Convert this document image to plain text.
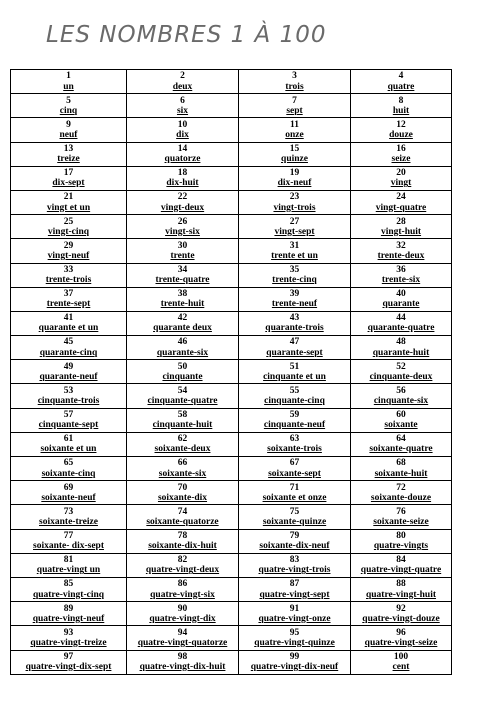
LES NOMBRES 1 À 100
1
un	2
deux	3
trois	4
quatre

5
cinq	6
six	7
sept	8
huit

9
neuf	10
dix	11
onze	12
douze

13
treize	14
quatorze	15
quinze	16
seize

17
dix-sept	18
dix-huit	19
dix-neuf	20
vingt

21
vingt et un	22
vingt-deux	23
vingt-trois	24
vingt-quatre

25
vingt-cinq	26
vingt-six	27
vingt-sept	28
vingt-huit

29
vingt-neuf	30
trente	31
trente et un	32
trente-deux

33
trente-trois	34
trente-quatre	35
trente-cinq	36
trente-six

37
trente-sept	38
trente-huit	39
trente-neuf	40
quarante

41
quarante et un	42
quarante deux	43
quarante-trois	44
quarante-quatre

45
quarante-cinq	46
quarante-six	47
quarante-sept	48
quarante-huit

49
quarante-neuf	50
cinquante	51
cinquante et un	52
cinquante-deux

53
cinquante-trois	54
cinquante-quatre	55
cinquante-cinq	56
cinquante-six

57
cinquante-sept	58
cinquante-huit	59
cinquante-neuf	60
soixante

61
soixante et un	62
soixante-deux	63
soixante-trois	64
soixante-quatre

65
soixante-cinq	66
soixante-six	67
soixante-sept	68
soixante-huit

69
soixante-neuf	70
soixante-dix	71
soixante et onze	72
soixante-douze

73
soixante-treize	74
soixante-quatorze	75
soixante-quinze	76
soixante-seize

77
soixante- dix-sept	78
soixante-dix-huit	79
soixante-dix-neuf	80
quatre-vingts

81
quatre-vingt un	82
quatre-vingt-deux	83
quatre-vingt-trois	84
quatre-vingt-quatre

85
quatre-vingt-cinq	86
quatre-vingt-six	87
quatre-vingt-sept	88
quatre-vingt-huit

89
quatre-vingt-neuf	90
quatre-vingt-dix	91
quatre-vingt-onze	92
quatre-vingt-douze

93
quatre-vingt-treize	94
quatre-vingt-quatorze	95
quatre-vingt-quinze	96
quatre-vingt-seize

97
quatre-vingt-dix-sept	98
quatre-vingt-dix-huit	99
quatre-vingt-dix-neuf	100
cent
